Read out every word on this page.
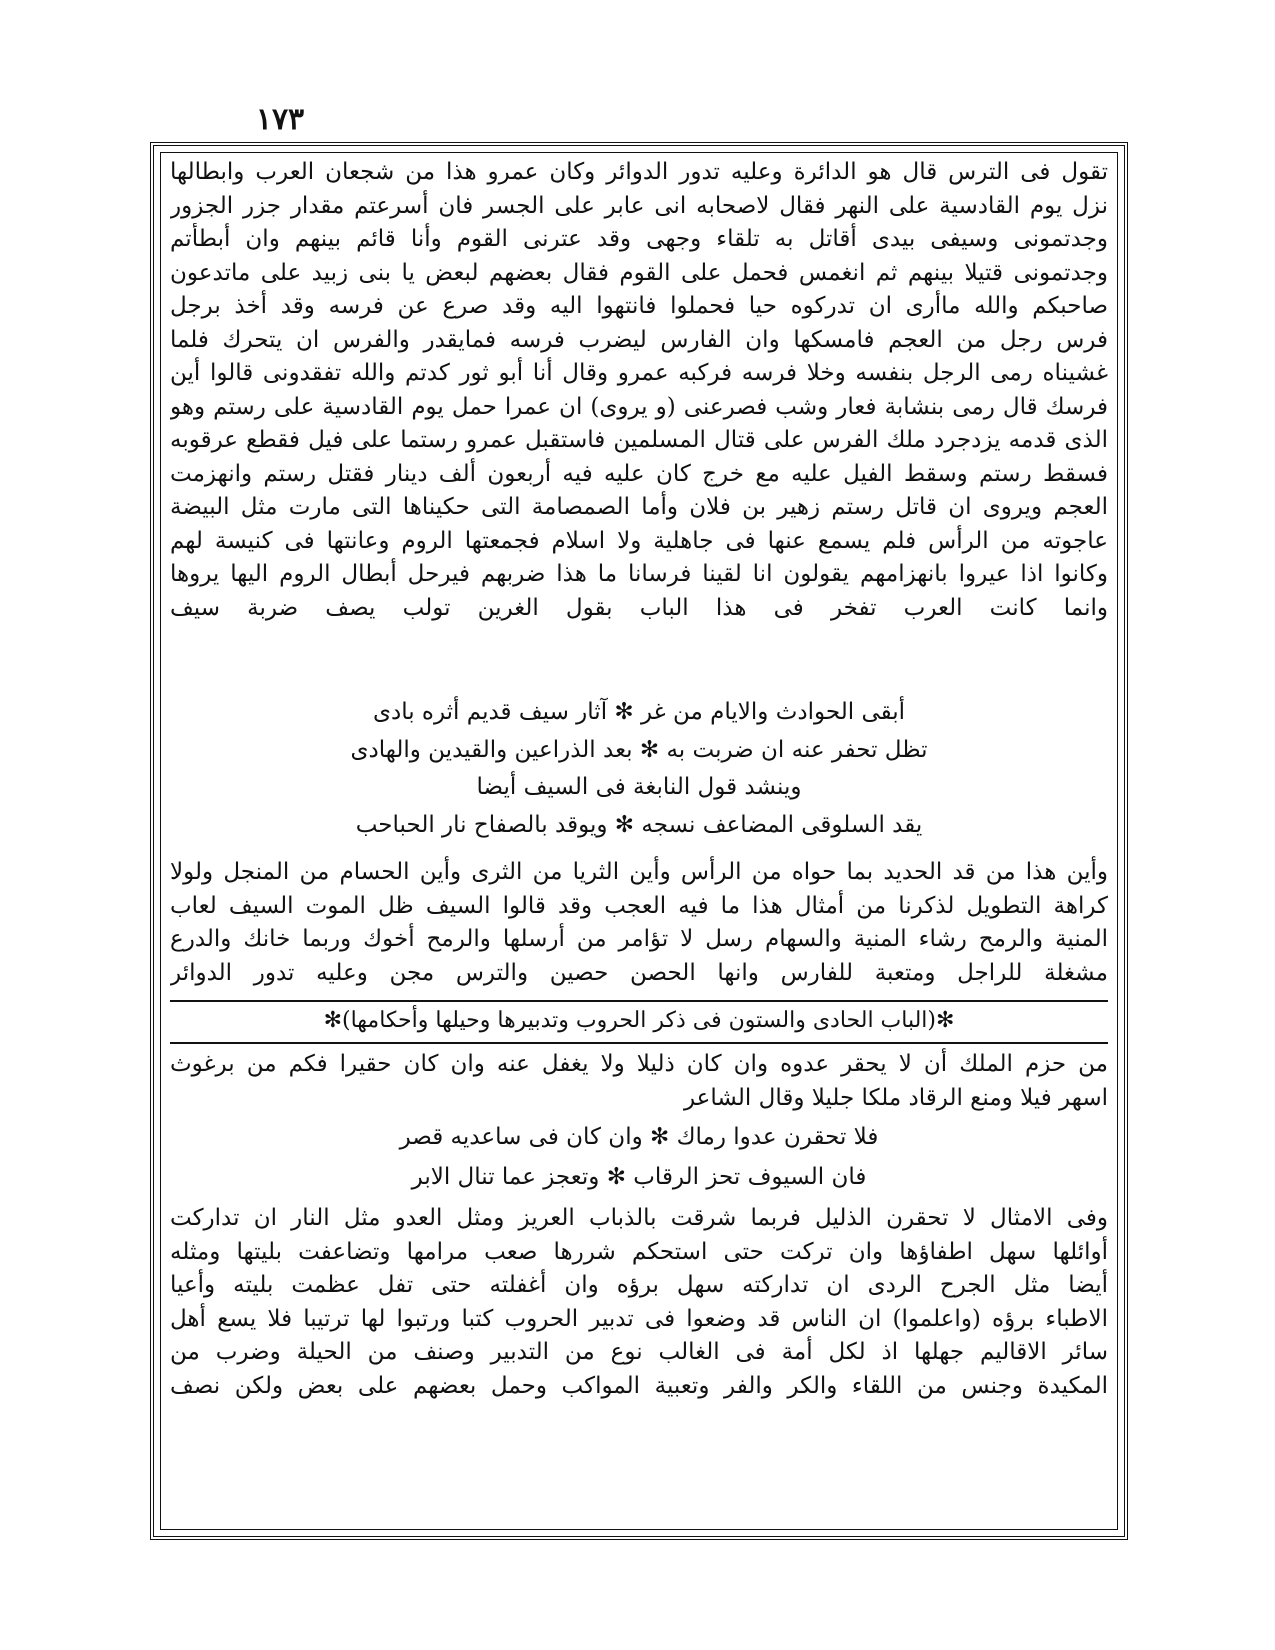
١٧٣
تقول فى الترس قال هو الدائرة وعليه تدور الدوائر وكان عمرو هذا من شجعان العرب وابطالها
نزل يوم القادسية على النهر فقال لاصحابه انى عابر على الجسر فان أسرعتم مقدار جزر الجزور
وجدتمونى وسيفى بيدى أقاتل به تلقاء وجهى وقد عترنى القوم وأنا قائم بينهم وان أبطأتم
وجدتمونى قتيلا بينهم ثم انغمس فحمل على القوم فقال بعضهم لبعض يا بنى زبيد على ماتدعون
صاحبكم والله ماأرى ان تدركوه حيا فحملوا فانتهوا اليه وقد صرع عن فرسه وقد أخذ برجل
فرس رجل من العجم فامسكها وان الفارس ليضرب فرسه فمايقدر والفرس ان يتحرك فلما
غشيناه رمى الرجل بنفسه وخلا فرسه فركبه عمرو وقال أنا أبو ثور كدتم والله تفقدونى قالوا أين
فرسك قال رمى بنشابة فعار وشب فصرعنى (و يروى) ان عمرا حمل يوم القادسية على رستم وهو
الذى قدمه يزدجرد ملك الفرس على قتال المسلمين فاستقبل عمرو رستما على فيل فقطع عرقوبه
فسقط رستم وسقط الفيل عليه مع خرج كان عليه فيه أربعون ألف دينار فقتل رستم وانهزمت
العجم ويروى ان قاتل رستم زهير بن فلان وأما الصمصامة التى حكيناها التى مارت مثل البيضة
عاجوته من الرأس فلم يسمع عنها فى جاهلية ولا اسلام فجمعتها الروم وعانتها فى كنيسة لهم
وكانوا اذا عيروا بانهزامهم يقولون انا لقينا فرسانا ما هذا ضربهم فيرحل أبطال الروم اليها يروها
وانما كانت العرب تفخر فى هذا الباب بقول الغرين تولب يصف ضربة سيف
أبقى الحوادث والايام من غر ✻ آثار سيف قديم أثره بادى
تظل تحفر عنه ان ضربت به ✻ بعد الذراعين والقيدين والهادى
وينشد قول النابغة فى السيف أيضا
يقد السلوقى المضاعف نسجه ✻ ويوقد بالصفاح نار الحباحب
وأين هذا من قد الحديد بما حواه من الرأس وأين الثريا من الثرى وأين الحسام من المنجل ولولا
كراهة التطويل لذكرنا من أمثال هذا ما فيه العجب وقد قالوا السيف ظل الموت السيف لعاب
المنية والرمح رشاء المنية والسهام رسل لا تؤامر من أرسلها والرمح أخوك وربما خانك والدرع
مشغلة للراجل ومتعبة للفارس وانها الحصن حصين والترس مجن وعليه تدور الدوائر
✻(الباب الحادى والستون فى ذكر الحروب وتدبيرها وحيلها وأحكامها)✻
من حزم الملك أن لا يحقر عدوه وان كان ذليلا ولا يغفل عنه وان كان حقيرا فكم من برغوث
اسهر فيلا ومنع الرقاد ملكا جليلا وقال الشاعر
فلا تحقرن عدوا رماك ✻ وان كان فى ساعديه قصر
فان السيوف تحز الرقاب ✻ وتعجز عما تنال الابر
وفى الامثال لا تحقرن الذليل فربما شرقت بالذباب العريز ومثل العدو مثل النار ان تداركت
أوائلها سهل اطفاؤها وان تركت حتى استحكم شررها صعب مرامها وتضاعفت بليتها ومثله
أيضا مثل الجرح الردى ان تداركته سهل برؤه وان أغفلته حتى تفل عظمت بليته وأعيا
الاطباء برؤه (واعلموا) ان الناس قد وضعوا فى تدبير الحروب كتبا ورتبوا لها ترتيبا فلا يسع أهل
سائر الاقاليم جهلها اذ لكل أمة فى الغالب نوع من التدبير وصنف من الحيلة وضرب من
المكيدة وجنس من اللقاء والكر والفر وتعبية المواكب وحمل بعضهم على بعض ولكن نصف
